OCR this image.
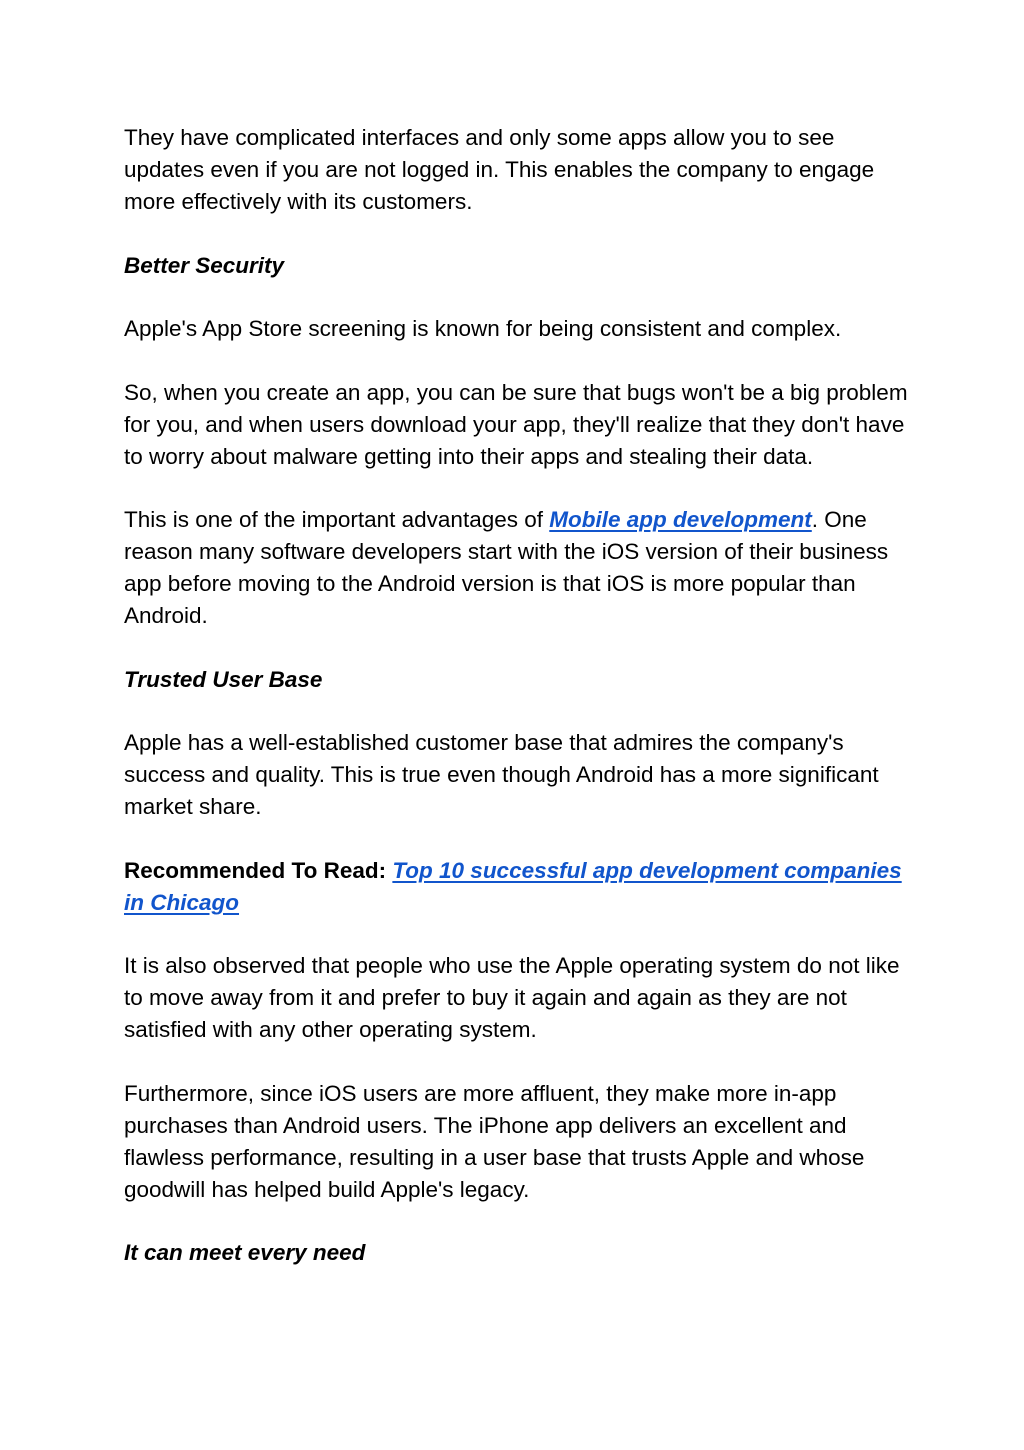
They have complicated interfaces and only some apps allow you to see updates even if you are not logged in. This enables the company to engage more effectively with its customers.

Better Security

Apple's App Store screening is known for being consistent and complex.

So, when you create an app, you can be sure that bugs won't be a big problem for you, and when users download your app, they'll realize that they don't have to worry about malware getting into their apps and stealing their data.

This is one of the important advantages of Mobile app development. One reason many software developers start with the iOS version of their business app before moving to the Android version is that iOS is more popular than Android.

Trusted User Base

Apple has a well-established customer base that admires the company's success and quality. This is true even though Android has a more significant market share.

Recommended To Read: Top 10 successful app development companies in Chicago

It is also observed that people who use the Apple operating system do not like to move away from it and prefer to buy it again and again as they are not satisfied with any other operating system.

Furthermore, since iOS users are more affluent, they make more in-app purchases than Android users. The iPhone app delivers an excellent and flawless performance, resulting in a user base that trusts Apple and whose goodwill has helped build Apple's legacy.

It can meet every need
